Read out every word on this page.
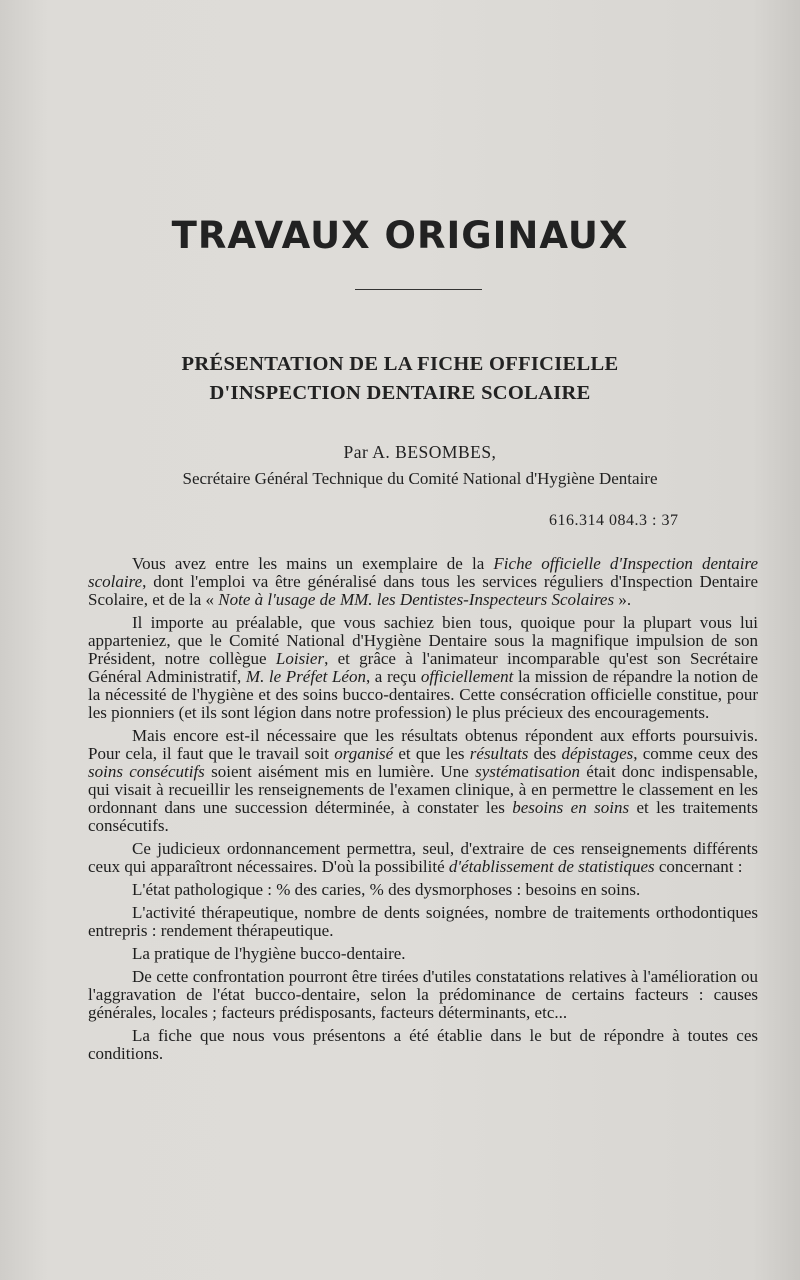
TRAVAUX ORIGINAUX
PRÉSENTATION DE LA FICHE OFFICIELLE
D'INSPECTION DENTAIRE SCOLAIRE
Par A. BESOMBES,
Secrétaire Général Technique du Comité National d'Hygiène Dentaire
616.314 084.3 : 37

Vous avez entre les mains un exemplaire de la Fiche officielle d'Inspection dentaire scolaire, dont l'emploi va être généralisé dans tous les services réguliers d'Inspection Dentaire Scolaire, et de la « Note à l'usage de MM. les Dentistes-Inspecteurs Scolaires ».

Il importe au préalable, que vous sachiez bien tous, quoique pour la plupart vous lui apparteniez, que le Comité National d'Hygiène Dentaire sous la magnifique impulsion de son Président, notre collègue Loisier, et grâce à l'animateur incomparable qu'est son Secrétaire Général Administratif, M. le Préfet Léon, a reçu officiellement la mission de répandre la notion de la nécessité de l'hygiène et des soins bucco-dentaires. Cette consécration officielle constitue, pour les pionniers (et ils sont légion dans notre profession) le plus précieux des encouragements.

Mais encore est-il nécessaire que les résultats obtenus répondent aux efforts poursuivis. Pour cela, il faut que le travail soit organisé et que les résultats des dépistages, comme ceux des soins consécutifs soient aisément mis en lumière. Une systématisation était donc indispensable, qui visait à recueillir les renseignements de l'examen clinique, à en permettre le classement en les ordonnant dans une succession déterminée, à constater les besoins en soins et les traitements consécutifs.

Ce judicieux ordonnancement permettra, seul, d'extraire de ces renseignements différents ceux qui apparaîtront nécessaires. D'où la possibilité d'établissement de statistiques concernant :

L'état pathologique : % des caries, % des dysmorphoses : besoins en soins.

L'activité thérapeutique, nombre de dents soignées, nombre de traitements orthodontiques entrepris : rendement thérapeutique.

La pratique de l'hygiène bucco-dentaire.

De cette confrontation pourront être tirées d'utiles constatations relatives à l'amélioration ou l'aggravation de l'état bucco-dentaire, selon la prédominance de certains facteurs : causes générales, locales ; facteurs prédisposants, facteurs déterminants, etc...

La fiche que nous vous présentons a été établie dans le but de répondre à toutes ces conditions.
